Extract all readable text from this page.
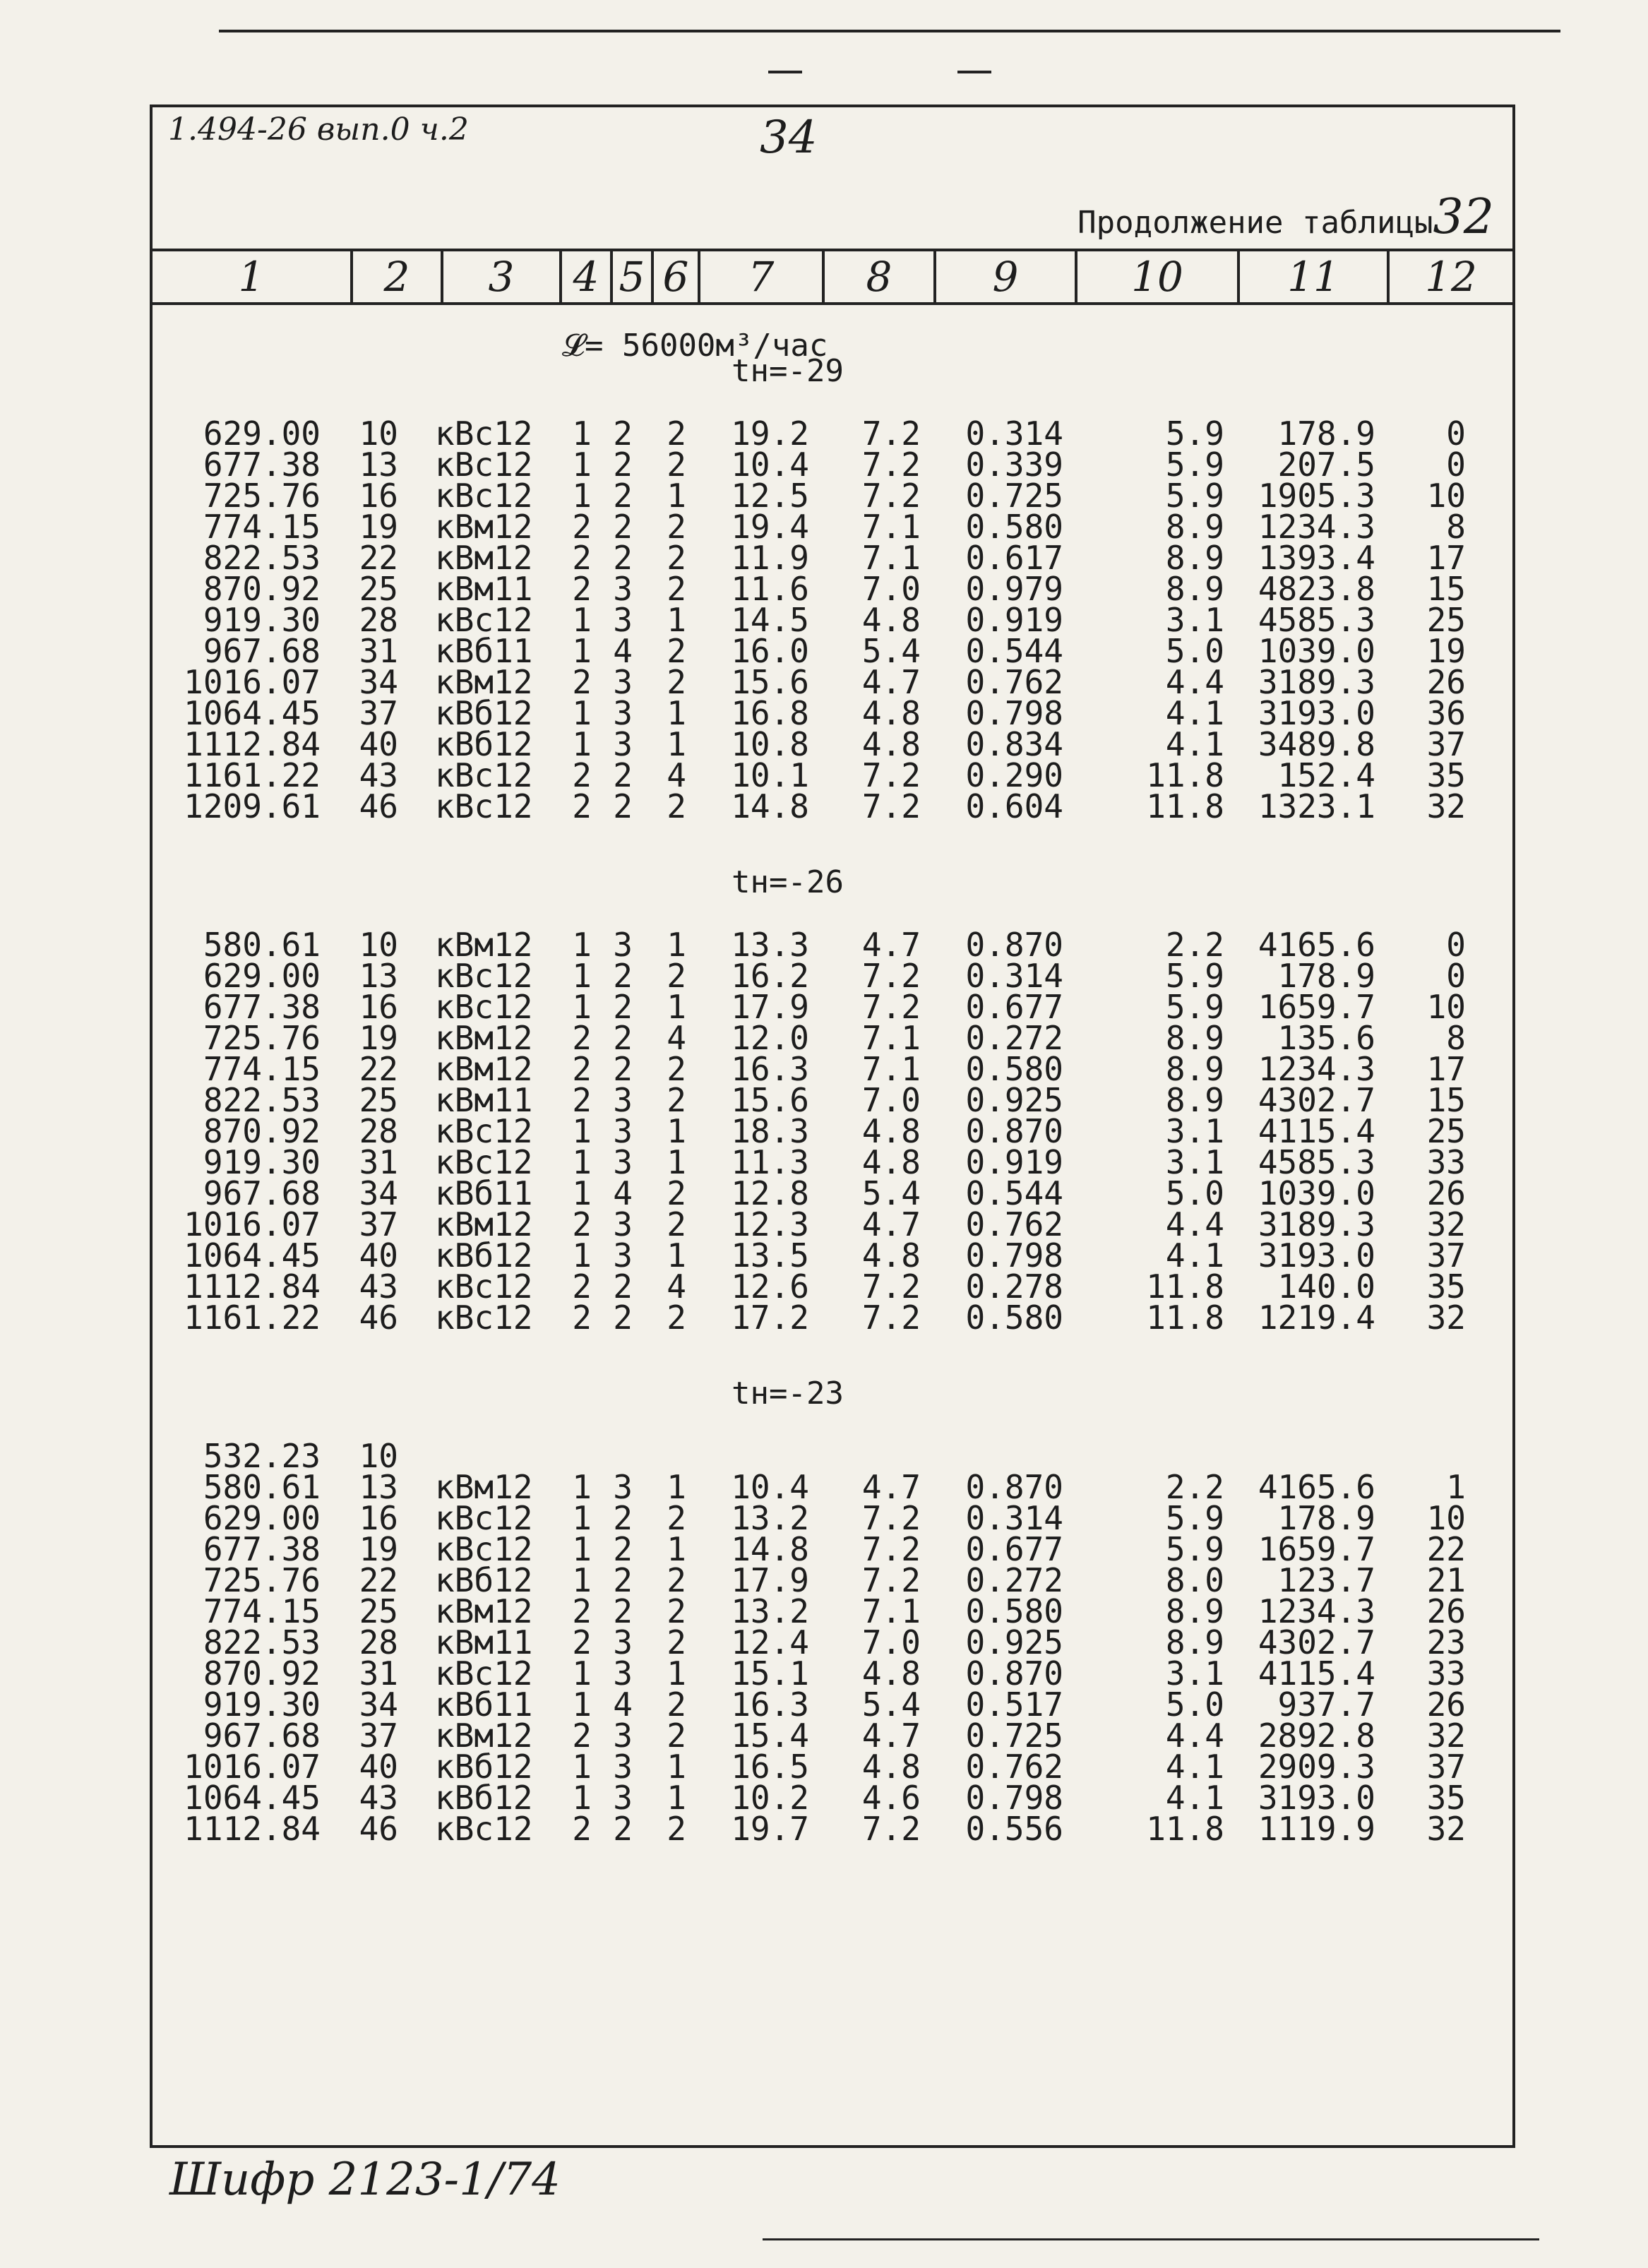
1.494-26 вып.0 ч.2	34
Продолжение таблицы32
1	2	3	4 5 6	7	8	9	10	11	12
𝓛= 56000м³/час
tн=-29
629.00 10 кВс12 1 2 2 19.2 7.2 0.314	5.9 178.9 0
677.38 13 кВс12 1 2 2 10.4 7.2 0.339	5.9 207.5 0
725.76 16 кВс12 1 2 1 12.5 7.2 0.725	5.9 1905.3 10
774.15 19 кВм12 2 2 2 19.4 7.1 0.580	8.9 1234.3 8
822.53 22 кВм12 2 2 2 11.9 7.1 0.617	8.9 1393.4 17
870.92 25 кВм11 2 3 2 11.6 7.0 0.979	8.9 4823.8 15
919.30 28 кВс12 1 3 1 14.5 4.8 0.919	3.1 4585.3 25
967.68 31 кВб11 1 4 2 16.0 5.4 0.544	5.0 1039.0 19
1016.07 34 кВм12 2 3 2 15.6 4.7 0.762	4.4 3189.3 26
1064.45 37 кВб12 1 3 1 16.8 4.8 0.798	4.1 3193.0 36
1112.84 40 кВб12 1 3 1 10.8 4.8 0.834	4.1 3489.8 37
1161.22 43 кВс12 2 2 4 10.1 7.2 0.290	11.8 152.4 35
1209.61 46 кВс12 2 2 2 14.8 7.2 0.604	11.8 1323.1 32
tн=-26
580.61 10 кВм12 1 3 1 13.3 4.7 0.870	2.2 4165.6 0
629.00 13 кВс12 1 2 2 16.2 7.2 0.314	5.9 178.9 0
677.38 16 кВс12 1 2 1 17.9 7.2 0.677	5.9 1659.7 10
725.76 19 кВм12 2 2 4 12.0 7.1 0.272	8.9 135.6 8
774.15 22 кВм12 2 2 2 16.3 7.1 0.580	8.9 1234.3 17
822.53 25 кВм11 2 3 2 15.6 7.0 0.925	8.9 4302.7 15
870.92 28 кВс12 1 3 1 18.3 4.8 0.870	3.1 4115.4 25
919.30 31 кВс12 1 3 1 11.3 4.8 0.919	3.1 4585.3 33
967.68 34 кВб11 1 4 2 12.8 5.4 0.544	5.0 1039.0 26
1016.07 37 кВм12 2 3 2 12.3 4.7 0.762	4.4 3189.3 32
1064.45 40 кВб12 1 3 1 13.5 4.8 0.798	4.1 3193.0 37
1112.84 43 кВс12 2 2 4 12.6 7.2 0.278	11.8 140.0 35
1161.22 46 кВс12 2 2 2 17.2 7.2 0.580	11.8 1219.4 32
tн=-23
532.23 10
580.61 13 кВм12 1 3 1 10.4 4.7 0.870	2.2 4165.6 1
629.00 16 кВс12 1 2 2 13.2 7.2 0.314	5.9 178.9 10
677.38 19 кВс12 1 2 1 14.8 7.2 0.677	5.9 1659.7 22
725.76 22 кВб12 1 2 2 17.9 7.2 0.272	8.0 123.7 21
774.15 25 кВм12 2 2 2 13.2 7.1 0.580	8.9 1234.3 26
822.53 28 кВм11 2 3 2 12.4 7.0 0.925	8.9 4302.7 23
870.92 31 кВс12 1 3 1 15.1 4.8 0.870	3.1 4115.4 33
919.30 34 кВб11 1 4 2 16.3 5.4 0.517	5.0 937.7 26
967.68 37 кВм12 2 3 2 15.4 4.7 0.725	4.4 2892.8 32
1016.07 40 кВб12 1 3 1 16.5 4.8 0.762	4.1 2909.3 37
1064.45 43 кВб12 1 3 1 10.2 4.6 0.798	4.1 3193.0 35
1112.84 46 кВс12 2 2 2 19.7 7.2 0.556	11.8 1119.9 32
Шифр 2123-1/74
